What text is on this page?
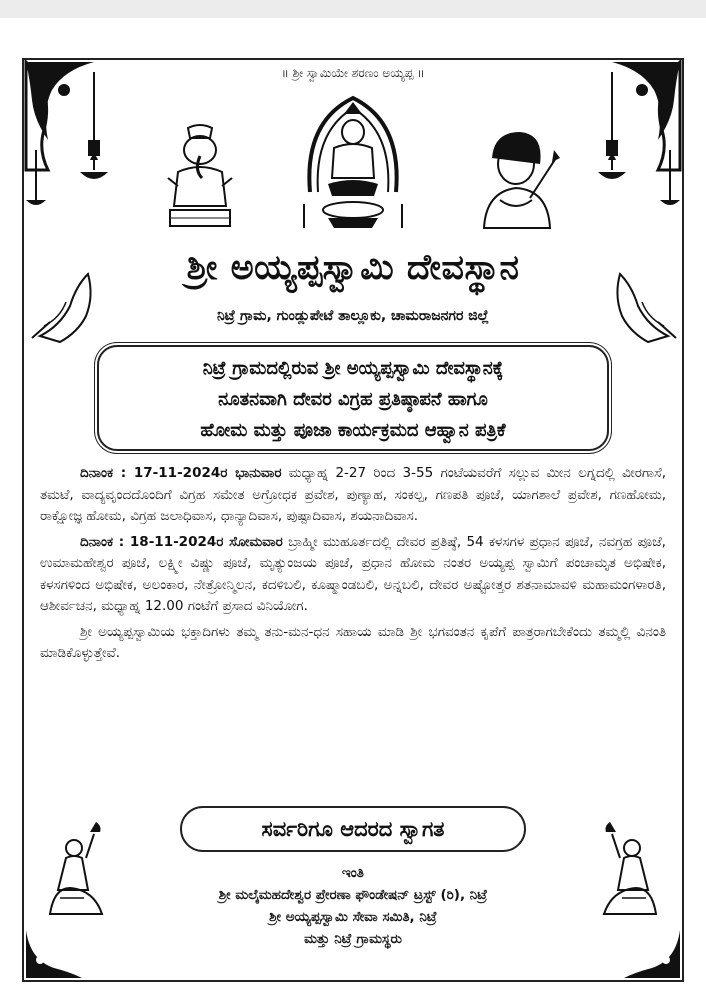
॥ ಶ್ರೀ ಸ್ವಾಮಿಯೇ ಶರಣಂ ಅಯ್ಯಪ್ಪ ॥
ಶ್ರೀ ಅಯ್ಯಪ್ಪಸ್ವಾಮಿ ದೇವಸ್ಥಾನ
ನಿಟ್ರೆ ಗ್ರಾಮ, ಗುಂಡ್ಲುಪೇಟೆ ತಾಲ್ಲೂಕು, ಚಾಮರಾಜನಗರ ಜಿಲ್ಲೆ
ನಿಟ್ರೆ ಗ್ರಾಮದಲ್ಲಿರುವ ಶ್ರೀ ಅಯ್ಯಪ್ಪಸ್ವಾಮಿ ದೇವಸ್ಥಾನಕ್ಕೆ
ನೂತನವಾಗಿ ದೇವರ ವಿಗ್ರಹ ಪ್ರತಿಷ್ಠಾಪನೆ ಹಾಗೂ
ಹೋಮ ಮತ್ತು ಪೂಜಾ ಕಾರ್ಯಕ್ರಮದ ಆಹ್ವಾನ ಪತ್ರಿಕೆ

ದಿನಾಂಕ : 17-11-2024ರ ಭಾನುವಾರ ಮಧ್ಯಾಹ್ನ 2-27 ರಿಂದ 3-55 ಗಂಟೆಯವರೆಗೆ ಸಲ್ಲುವ ಮೀನ ಲಗ್ನದಲ್ಲಿ ವೀರಗಾಸೆ, ತಮಟೆ, ವಾದ್ಯವೃಂದದೊಂದಿಗೆ ವಿಗ್ರಹ ಸಮೇತ ಅಗ್ರೋಧಕ ಪ್ರವೇಶ, ಪುಣ್ಯಾಹ, ಸಂಕಲ್ಪ, ಗಣಪತಿ ಪೂಜೆ, ಯಾಗಶಾಲೆ ಪ್ರವೇಶ, ಗಣಹೋಮ, ರಾಕ್ಷೋಜ್ಞ ಹೋಮ, ವಿಗ್ರಹ ಜಲಾಧಿವಾಸ, ಧಾನ್ಯಾದಿವಾಸ, ಪುಷ್ಪಾದಿವಾಸ, ಶಯನಾದಿವಾಸ.

ದಿನಾಂಕ : 18-11-2024ರ ಸೋಮವಾರ ಬ್ರಾಹ್ಮೀ ಮುಹೂರ್ತದಲ್ಲಿ ದೇವರ ಪ್ರತಿಷ್ಠೆ, 54 ಕಳಸಗಳ ಪ್ರಧಾನ ಪೂಜೆ, ನವಗ್ರಹ ಪೂಜೆ, ಉಮಾಮಹೇಶ್ವರ ಪೂಜೆ, ಲಕ್ಷ್ಮೀ ವಿಷ್ಣು ಪೂಜೆ, ಮೃತ್ಯುಂಜಯ ಪೂಜೆ, ಪ್ರಧಾನ ಹೋಮ ನಂತರ ಅಯ್ಯಪ್ಪ ಸ್ವಾಮಿಗೆ ಪಂಚಾಮೃತ ಅಭಿಷೇಕ, ಕಳಸಗಳಿಂದ ಅಭಿಷೇಕ, ಅಲಂಕಾರ, ನೇತ್ರೋನ್ಮಿಲನ, ಕದಳಿಬಲಿ, ಕೂಷ್ಮಾಂಡಬಲಿ, ಅನ್ನಬಲಿ, ದೇವರ ಅಷ್ಟೋತ್ತರ ಶತನಾಮಾವಳಿ ಮಹಾಮಂಗಳಾರತಿ, ಆಶೀರ್ವಚನ, ಮಧ್ಯಾಹ್ನ 12.00 ಗಂಟೆಗೆ ಪ್ರಸಾದ ವಿನಿಯೋಗ.

ಶ್ರೀ ಅಯ್ಯಪ್ಪಸ್ವಾಮಿಯ ಭಕ್ತಾದಿಗಳು ತಮ್ಮ ತನು-ಮನ-ಧನ ಸಹಾಯ ಮಾಡಿ ಶ್ರೀ ಭಗವಂತನ ಕೃಪೆಗೆ ಪಾತ್ರರಾಗಬೇಕೆಂದು ತಮ್ಮಲ್ಲಿ ವಿನಂತಿ ಮಾಡಿಕೊಳ್ಳುತ್ತೇವೆ.

ಸರ್ವರಿಗೂ ಆದರದ ಸ್ವಾಗತ
ಇಂತಿ
ಶ್ರೀ ಮಲೈಮಹದೇಶ್ವರ ಪ್ರೇರಣಾ ಫೌಂಡೇಷನ್ ಟ್ರಸ್ಟ್ (ರಿ), ನಿಟ್ರೆ
ಶ್ರೀ ಅಯ್ಯಪ್ಪಸ್ವಾಮಿ ಸೇವಾ ಸಮಿತಿ, ನಿಟ್ರೆ
ಮತ್ತು ನಿಟ್ರೆ ಗ್ರಾಮಸ್ಥರು
